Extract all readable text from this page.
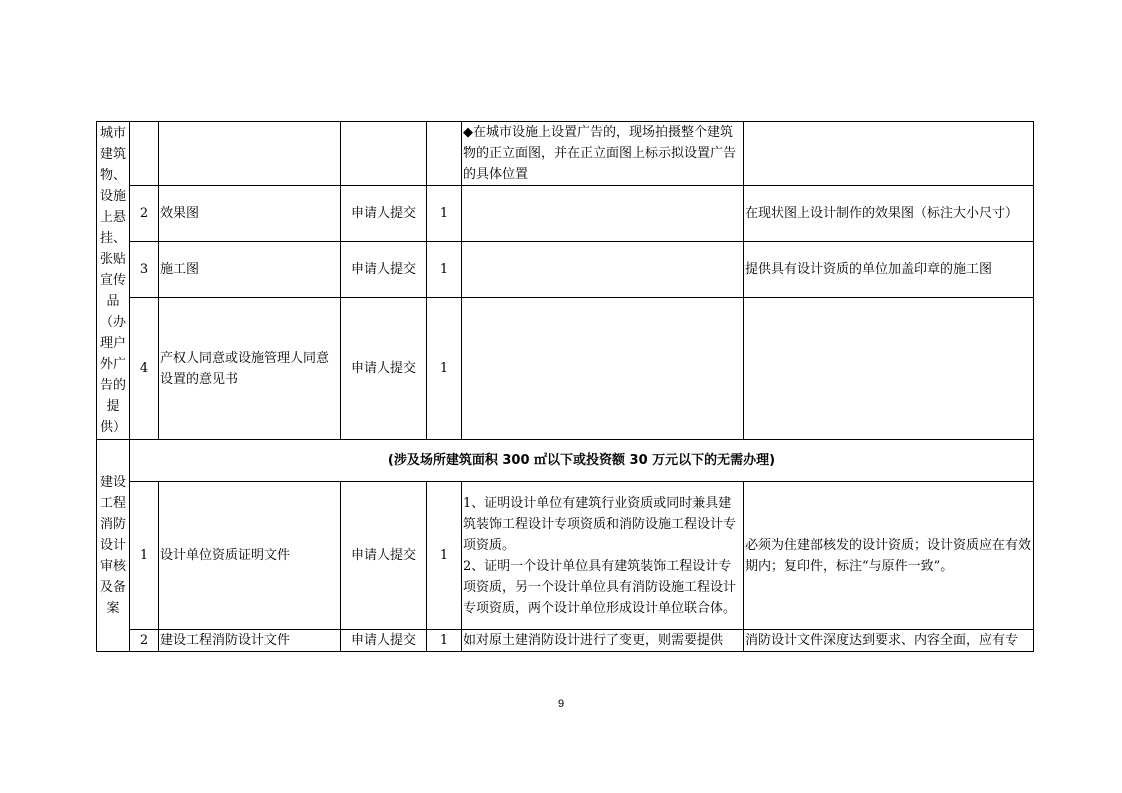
城市建筑物、设施上悬挂、张贴宣传品（办理户外广告的提供）					◆在城市设施上设置广告的，现场拍摄整个建筑物的正立面图，并在正立面图上标示拟设置广告的具体位置	
	2	效果图	申请人提交	1		在现状图上设计制作的效果图（标注大小尺寸）
	3	施工图	申请人提交	1		提供具有设计资质的单位加盖印章的施工图
	4	产权人同意或设施管理人同意设置的意见书	申请人提交	1		
建设工程消防设计审核及备案	(涉及场所建筑面积 300 ㎡以下或投资额 30 万元以下的无需办理)					
	1	设计单位资质证明文件	申请人提交	1	1、证明设计单位有建筑行业资质或同时兼具建筑装饰工程设计专项资质和消防设施工程设计专项资质。
2、证明一个设计单位具有建筑装饰工程设计专项资质，另一个设计单位具有消防设施工程设计专项资质，两个设计单位形成设计单位联合体。	必须为住建部核发的设计资质；设计资质应在有效期内；复印件，标注“与原件一致”。
	2	建设工程消防设计文件	申请人提交	1	如对原土建消防设计进行了变更，则需要提供	消防设计文件深度达到要求、内容全面，应有专
9
